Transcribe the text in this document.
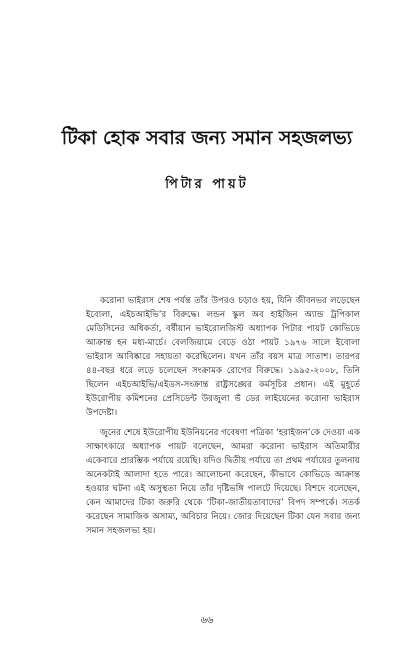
টিকা হোক সবার জন্য সমান সহজলভ্য
পিটার পায়ট

করোনা ভাইরাস শেষ পর্যন্ত তাঁর উপরও চড়াও হয়, যিনি জীবনভর লড়েছেন ইবোলা, এইচআইভি’র বিরুদ্ধে। লন্ডন স্কুল অব হাইজিন অ্যান্ড ট্রপিকাল মেডিসিনের অধিকর্তা, বর্ষীয়ান ভাইরোলজিস্ট অধ্যাপক পিটার পায়ট কোভিডে আক্রান্ত হন মধ্য-মার্চে। বেলজিয়ামে বেড়ে ওঠা পায়ট ১৯৭৬ সালে ইবোলা ভাইরাস আবিষ্কারে সহায়তা করেছিলেন। যখন তাঁর বয়স মাত্র সাতাশ। তারপর ৪৪-বছর ধরে লড়ে চলেছেন সংক্রামক রোগের বিরুদ্ধে। ১৯৯৫-২০০৮, তিনি ছিলেন এইচআইভি/এইডস-সংক্রান্ত রাষ্ট্রসঙ্ঘের কর্মসূচির প্রধান। এই মুহূর্তে ইউরোপীয় কমিশনের প্রেসিডেন্ট উরজুলা ভঁ ডের লাইয়েনের করোনা ভাইরাস উপদেষ্টা।

জুনের শেষে ইউরোপীয় ইউনিয়নের গবেষণা পত্রিকা ‘হরাইজন’কে দেওয়া এক সাক্ষাৎকারে অধ্যাপক পায়ট বলেছেন, আমরা করোনা ভাইরাস অতিমারীর একেবারে প্রারম্ভিক পর্যায়ে রয়েছি। যদিও দ্বিতীয় পর্যায়ে তা প্রথম পর্যায়ের তুলনায় অনেকটাই আলাদা হতে পারে। আলোচনা করেছেন, কীভাবে কোভিডে আক্রান্ত হওয়ার ঘটনা এই অসুস্থতা নিয়ে তাঁর দৃষ্টিভঙ্গি পালটে দিয়েছে। বিশদে বলেছেন, কেন আমাদের টিকা জরুরি থেকে ‘টিকা-জাতীয়তাবাদের’ বিপদ সম্পর্কে। সতর্ক করেছেন সামাজিক অসাম্য, অবিচার নিয়ে। জোর দিয়েছেন টিকা যেন সবার জন্য সমান সহজলভ্য হয়।

৬৬
